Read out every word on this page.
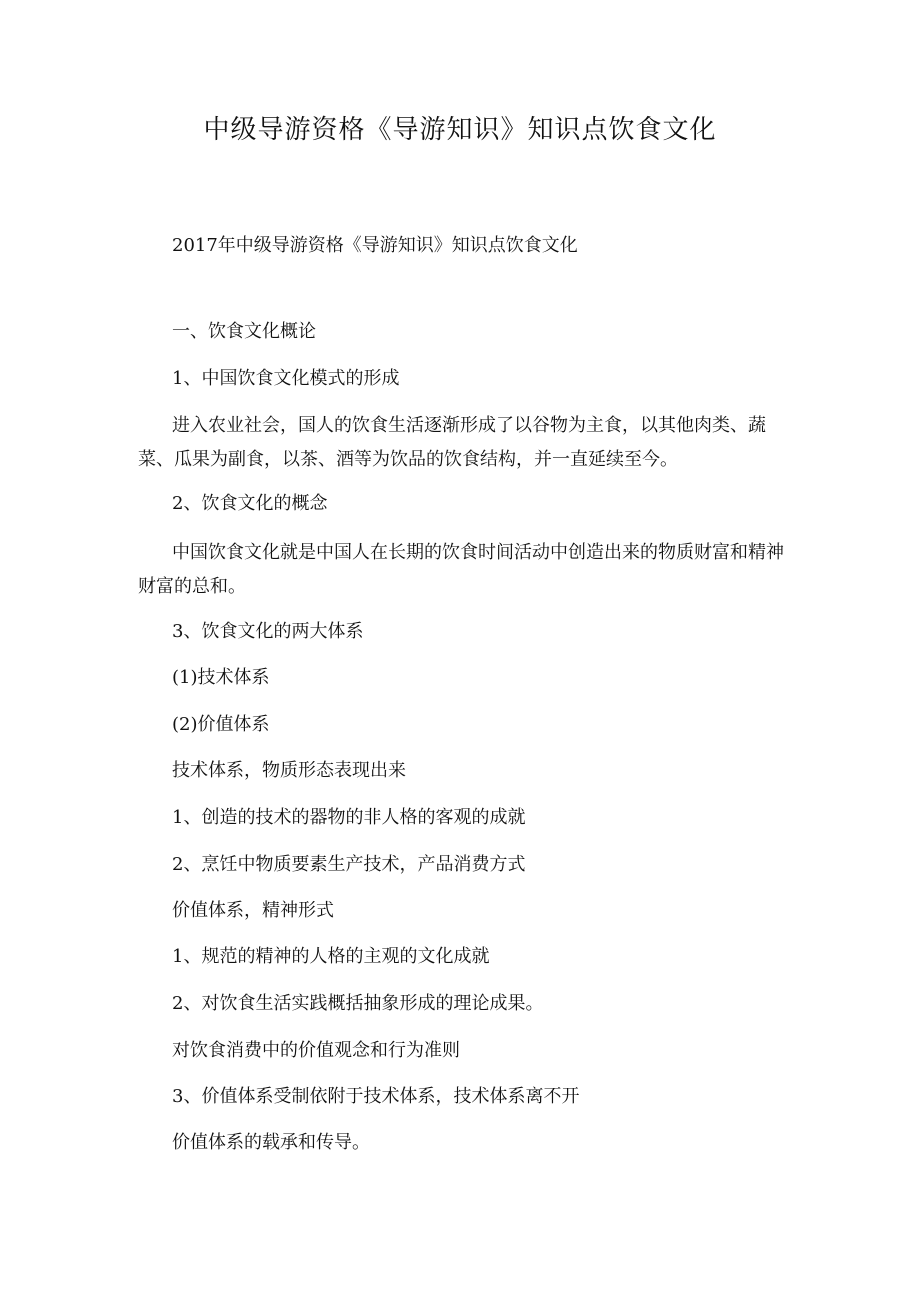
中级导游资格《导游知识》知识点饮食文化

2017年中级导游资格《导游知识》知识点饮食文化

一、饮食文化概论

1、中国饮食文化模式的形成

进入农业社会，国人的饮食生活逐渐形成了以谷物为主食，以其他肉类、蔬菜、瓜果为副食，以茶、酒等为饮品的饮食结构，并一直延续至今。

2、饮食文化的概念

中国饮食文化就是中国人在长期的饮食时间活动中创造出来的物质财富和精神财富的总和。

3、饮食文化的两大体系

(1)技术体系

(2)价值体系

技术体系，物质形态表现出来

1、创造的技术的器物的非人格的客观的成就

2、烹饪中物质要素生产技术，产品消费方式

价值体系，精神形式

1、规范的精神的人格的主观的文化成就

2、对饮食生活实践概括抽象形成的理论成果。

对饮食消费中的价值观念和行为准则

3、价值体系受制依附于技术体系，技术体系离不开

价值体系的载承和传导。
